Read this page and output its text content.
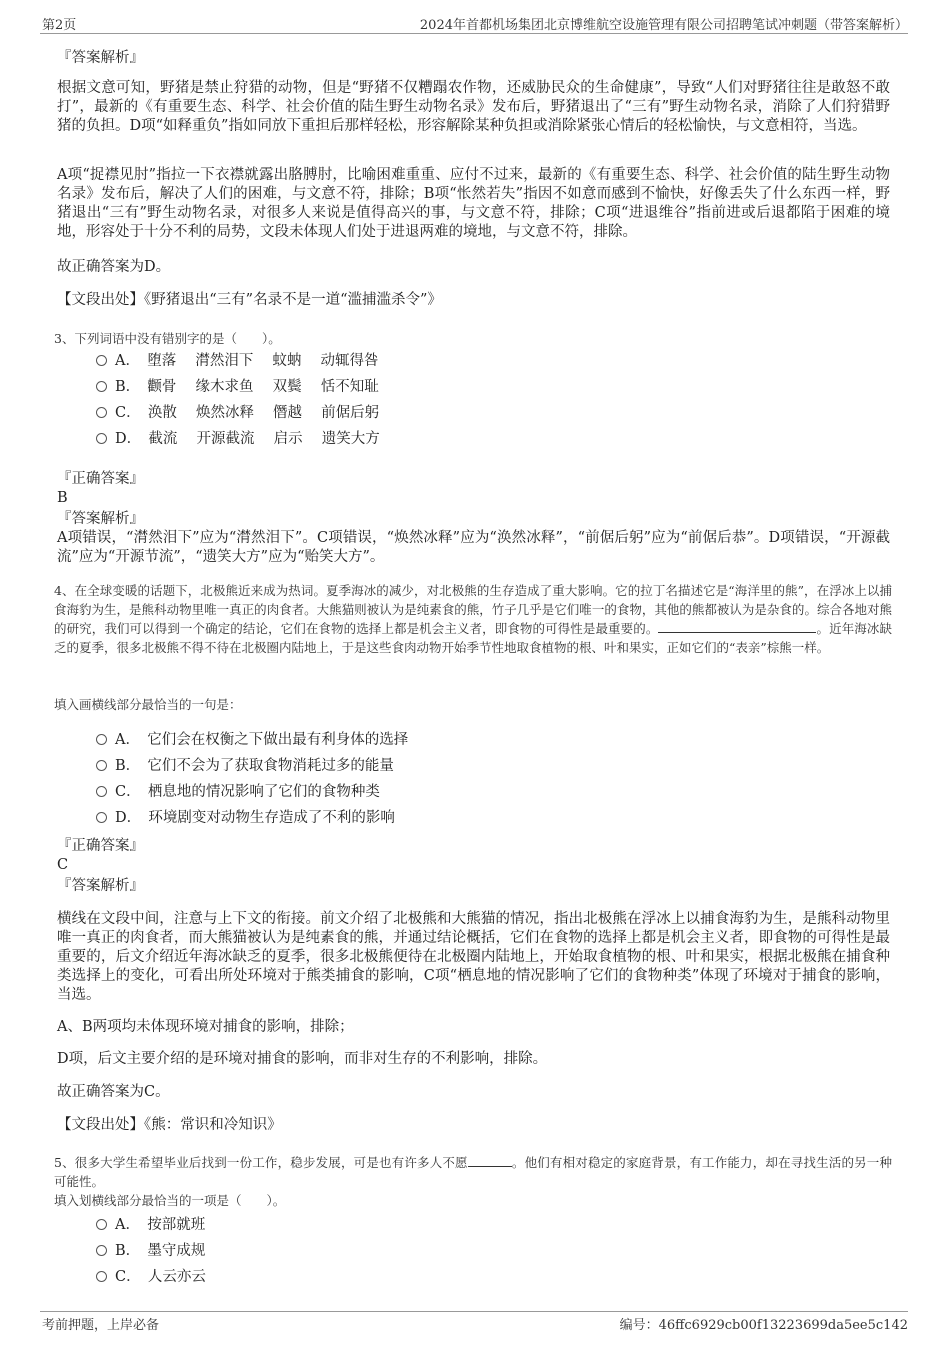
第2页	2024年首都机场集团北京博维航空设施管理有限公司招聘笔试冲刺题（带答案解析）
『答案解析』
根据文意可知，野猪是禁止狩猎的动物，但是“野猪不仅糟蹋农作物，还威胁民众的生命健康”，导致“人们对野猪往往是敢怒不敢打”，最新的《有重要生态、科学、社会价值的陆生野生动物名录》发布后，野猪退出了“三有”野生动物名录，消除了人们狩猎野猪的负担。D项“如释重负”指如同放下重担后那样轻松，形容解除某种负担或消除紧张心情后的轻松愉快，与文意相符，当选。
A项“捉襟见肘”指拉一下衣襟就露出胳膊肘，比喻困难重重、应付不过来，最新的《有重要生态、科学、社会价值的陆生野生动物名录》发布后，解决了人们的困难，与文意不符，排除；B项“怅然若失”指因不如意而感到不愉快，好像丢失了什么东西一样，野猪退出“三有”野生动物名录，对很多人来说是值得高兴的事，与文意不符，排除；C项“进退维谷”指前进或后退都陷于困难的境地，形容处于十分不利的局势，文段未体现人们处于进退两难的境地，与文意不符，排除。
故正确答案为D。
【文段出处】《野猪退出“三有”名录不是一道“滥捕滥杀令”》
3、下列词语中没有错别字的是（　　）。
A．　堕落　 潸然泪下　 蚊蚋　 动辄得咎
B．　颧骨　 缘木求鱼　 双鬓　 恬不知耻
C．　涣散　 焕然冰释　 僭越　 前倨后躬
D．　截流　 开源截流　 启示　 遗笑大方
『正确答案』
B
『答案解析』
A项错误，“潸然泪下”应为“潸然泪下”。C项错误，“焕然冰释”应为“涣然冰释”，“前倨后躬”应为“前倨后恭”。D项错误，“开源截流”应为“开源节流”，“遗笑大方”应为“贻笑大方”。
4、在全球变暖的话题下，北极熊近来成为热词。夏季海冰的减少，对北极熊的生存造成了重大影响。它的拉丁名描述它是“海洋里的熊”，在浮冰上以捕食海豹为生，是熊科动物里唯一真正的肉食者。大熊猫则被认为是纯素食的熊，竹子几乎是它们唯一的食物，其他的熊都被认为是杂食的。综合各地对熊的研究，我们可以得到一个确定的结论，它们在食物的选择上都是机会主义者，即食物的可得性是最重要的。	。近年海冰缺乏的夏季，很多北极熊不得不待在北极圈内陆地上，于是这些食肉动物开始季节性地取食植物的根、叶和果实，正如它们的“表亲”棕熊一样。
填入画横线部分最恰当的一句是：
A．　它们会在权衡之下做出最有利身体的选择
B．　它们不会为了获取食物消耗过多的能量
C．　栖息地的情况影响了它们的食物种类
D．　环境剧变对动物生存造成了不利的影响
『正确答案』
C
『答案解析』
横线在文段中间，注意与上下文的衔接。前文介绍了北极熊和大熊猫的情况，指出北极熊在浮冰上以捕食海豹为生，是熊科动物里唯一真正的肉食者，而大熊猫被认为是纯素食的熊，并通过结论概括，它们在食物的选择上都是机会主义者，即食物的可得性是最重要的，后文介绍近年海冰缺乏的夏季，很多北极熊便待在北极圈内陆地上，开始取食植物的根、叶和果实，根据北极熊在捕食种类选择上的变化，可看出所处环境对于熊类捕食的影响，C项“栖息地的情况影响了它们的食物种类”体现了环境对于捕食的影响，当选。
A、B两项均未体现环境对捕食的影响，排除；
D项，后文主要介绍的是环境对捕食的影响，而非对生存的不利影响，排除。
故正确答案为C。
【文段出处】《熊：常识和冷知识》
5、很多大学生希望毕业后找到一份工作，稳步发展，可是也有许多人不愿	。他们有相对稳定的家庭背景，有工作能力，却在寻找生活的另一种可能性。
填入划横线部分最恰当的一项是（　　）。
A．　按部就班
B．　墨守成规
C．　人云亦云
考前押题，上岸必备	编号：46ffc6929cb00f13223699da5ee5c142
